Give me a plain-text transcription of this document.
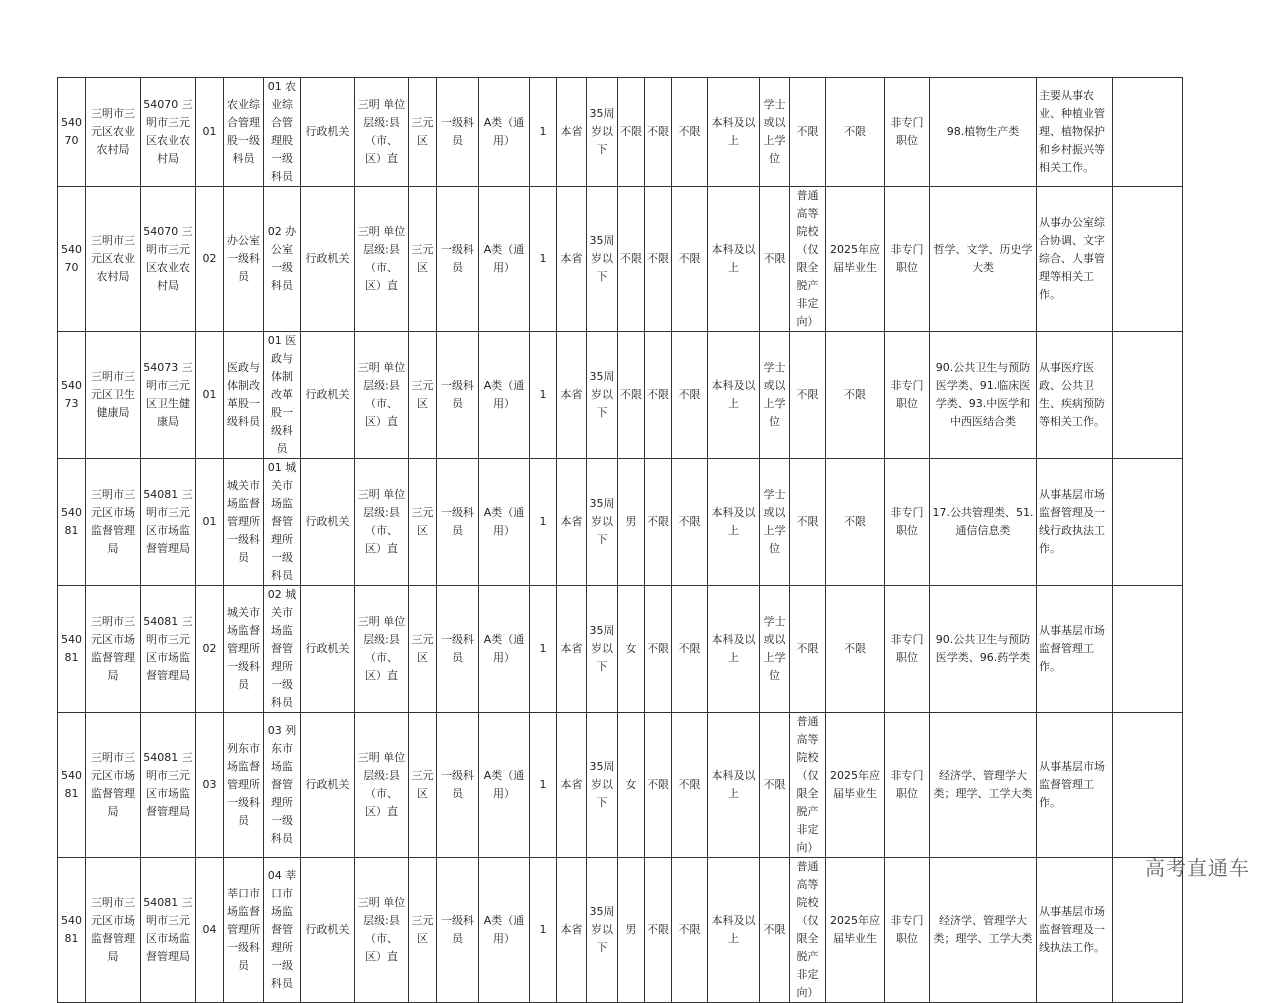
54070	三明市三元区农业农村局	54070 三明市三元区农业农村局	01	农业综合管理股一级科员	01 农业综合管理股一级科员	行政机关	三明 单位层级:县（市、区）直	三元区	一级科员	A类（通用）	1	本省	35周岁以下	不限	不限	不限	本科及以上	学士或以上学位	不限	不限	非专门职位	98.植物生产类	主要从事农业、种植业管理、植物保护和乡村振兴等相关工作。	
54070	三明市三元区农业农村局	54070 三明市三元区农业农村局	02	办公室一级科员	02 办公室一级科员	行政机关	三明 单位层级:县（市、区）直	三元区	一级科员	A类（通用）	1	本省	35周岁以下	不限	不限	不限	本科及以上	不限	普通高等院校（仅限全脱产非定向）	2025年应届毕业生	非专门职位	哲学、文学、历史学大类	从事办公室综合协调、文字综合、人事管理等相关工作。	
54073	三明市三元区卫生健康局	54073 三明市三元区卫生健康局	01	医政与体制改革股一级科员	01 医政与体制改革股一级科员	行政机关	三明 单位层级:县（市、区）直	三元区	一级科员	A类（通用）	1	本省	35周岁以下	不限	不限	不限	本科及以上	学士或以上学位	不限	不限	非专门职位	90.公共卫生与预防医学类、91.临床医学类、93.中医学和中西医结合类	从事医疗医政、公共卫生、疾病预防等相关工作。	
54081	三明市三元区市场监督管理局	54081 三明市三元区市场监督管理局	01	城关市场监督管理所一级科员	01 城关市场监督管理所一级科员	行政机关	三明 单位层级:县（市、区）直	三元区	一级科员	A类（通用）	1	本省	35周岁以下	男	不限	不限	本科及以上	学士或以上学位	不限	不限	非专门职位	17.公共管理类、51.通信信息类	从事基层市场监督管理及一线行政执法工作。	
54081	三明市三元区市场监督管理局	54081 三明市三元区市场监督管理局	02	城关市场监督管理所一级科员	02 城关市场监督管理所一级科员	行政机关	三明 单位层级:县（市、区）直	三元区	一级科员	A类（通用）	1	本省	35周岁以下	女	不限	不限	本科及以上	学士或以上学位	不限	不限	非专门职位	90.公共卫生与预防医学类、96.药学类	从事基层市场监督管理工作。	
54081	三明市三元区市场监督管理局	54081 三明市三元区市场监督管理局	03	列东市场监督管理所一级科员	03 列东市场监督管理所一级科员	行政机关	三明 单位层级:县（市、区）直	三元区	一级科员	A类（通用）	1	本省	35周岁以下	女	不限	不限	本科及以上	不限	普通高等院校（仅限全脱产非定向）	2025年应届毕业生	非专门职位	经济学、管理学大类；理学、工学大类	从事基层市场监督管理工作。	
54081	三明市三元区市场监督管理局	54081 三明市三元区市场监督管理局	04	莘口市场监督管理所一级科员	04 莘口市场监督管理所一级科员	行政机关	三明 单位层级:县（市、区）直	三元区	一级科员	A类（通用）	1	本省	35周岁以下	男	不限	不限	本科及以上	不限	普通高等院校（仅限全脱产非定向）	2025年应届毕业生	非专门职位	经济学、管理学大类；理学、工学大类	从事基层市场监督管理及一线执法工作。	
高考直通车
